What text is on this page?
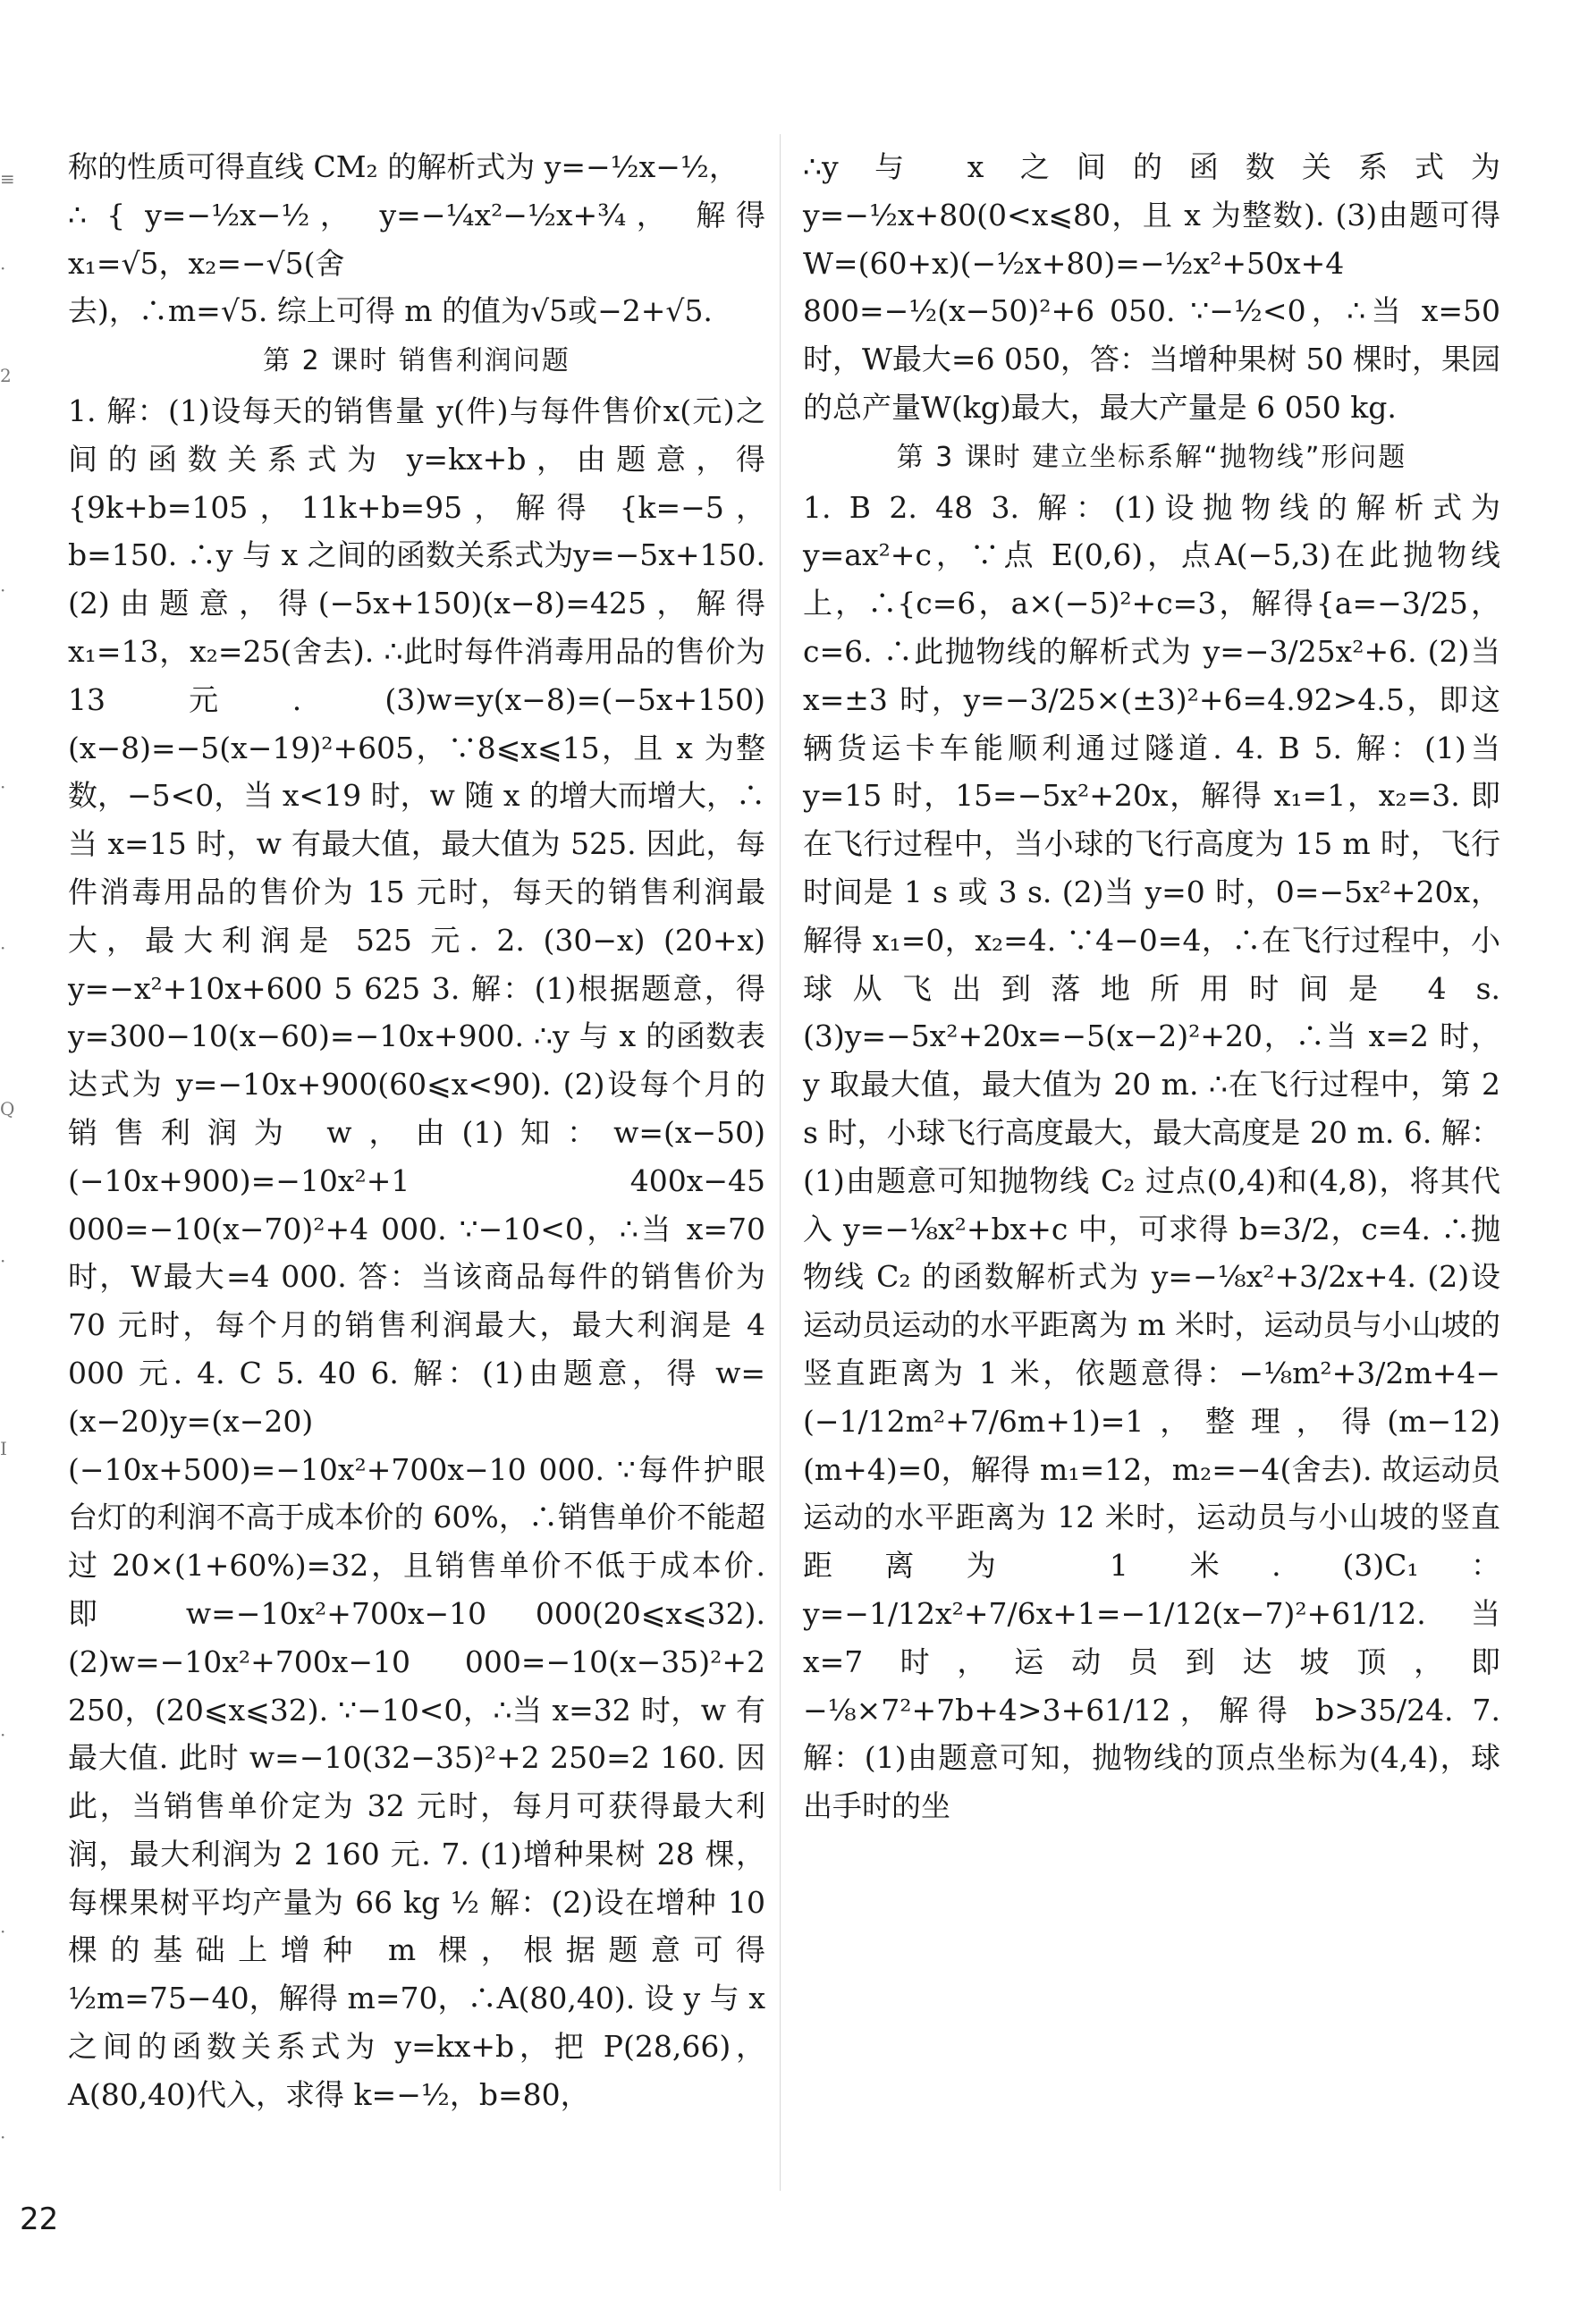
≡
·
2
·
·
·
Q
·
I
·
·
·

称的性质可得直线 CM₂ 的解析式为 y=−½x−½，

∴ { y=−½x−½， y=−¼x²−½x+¾， 解得 x₁=√5，x₂=−√5(舍

去)，∴m=√5. 综上可得 m 的值为√5或−2+√5.

第 2 课时 销售利润问题

1. 解：(1)设每天的销售量 y(件)与每件售价x(元)之间的函数关系式为 y=kx+b，由题意，得 {9k+b=105，11k+b=95，解得 {k=−5，b=150. ∴y 与 x 之间的函数关系式为y=−5x+150. (2)由题意，得(−5x+150)(x−8)=425，解得 x₁=13，x₂=25(舍去). ∴此时每件消毒用品的售价为 13 元. (3)w=y(x−8)=(−5x+150)(x−8)=−5(x−19)²+605，∵8⩽x⩽15，且 x 为整数，−5<0，当 x<19 时，w 随 x 的增大而增大，∴当 x=15 时，w 有最大值，最大值为 525. 因此，每件消毒用品的售价为 15 元时，每天的销售利润最大，最大利润是 525 元. 2. (30−x) (20+x) y=−x²+10x+600 5 625 3. 解：(1)根据题意，得 y=300−10(x−60)=−10x+900. ∴y 与 x 的函数表达式为 y=−10x+900(60⩽x<90). (2)设每个月的销售利润为 w，由(1)知：w=(x−50)(−10x+900)=−10x²+1 400x−45 000=−10(x−70)²+4 000. ∵−10<0，∴当 x=70 时，W最大=4 000. 答：当该商品每件的销售价为 70 元时，每个月的销售利润最大，最大利润是 4 000 元. 4. C 5. 40 6. 解：(1)由题意，得 w=(x−20)y=(x−20)(−10x+500)=−10x²+700x−10 000. ∵每件护眼台灯的利润不高于成本价的 60%，∴销售单价不能超过 20×(1+60%)=32，且销售单价不低于成本价. 即 w=−10x²+700x−10 000(20⩽x⩽32). (2)w=−10x²+700x−10 000=−10(x−35)²+2 250，(20⩽x⩽32). ∵−10<0，∴当 x=32 时，w 有最大值. 此时 w=−10(32−35)²+2 250=2 160. 因此，当销售单价定为 32 元时，每月可获得最大利润，最大利润为 2 160 元. 7. (1)增种果树 28 棵，每棵果树平均产量为 66 kg ½ 解：(2)设在增种 10 棵的基础上增种 m 棵，根据题意可得½m=75−40，解得 m=70，∴A(80,40). 设 y 与 x 之间的函数关系式为 y=kx+b，把 P(28,66)，A(80,40)代入，求得 k=−½，b=80，

∴y 与 x 之间的函数关系式为 y=−½x+80(0<x⩽80，且 x 为整数). (3)由题可得 W=(60+x)(−½x+80)=−½x²+50x+4 800=−½(x−50)²+6 050. ∵−½<0，∴当 x=50 时，W最大=6 050，答：当增种果树 50 棵时，果园的总产量W(kg)最大，最大产量是 6 050 kg.

第 3 课时 建立坐标系解“抛物线”形问题

1. B 2. 48 3. 解：(1)设抛物线的解析式为 y=ax²+c，∵点 E(0,6)，点A(−5,3)在此抛物线上，∴{c=6，a×(−5)²+c=3，解得{a=−3/25，c=6. ∴此抛物线的解析式为 y=−3/25x²+6. (2)当 x=±3 时，y=−3/25×(±3)²+6=4.92>4.5，即这辆货运卡车能顺利通过隧道. 4. B 5. 解：(1)当 y=15 时，15=−5x²+20x，解得 x₁=1，x₂=3. 即在飞行过程中，当小球的飞行高度为 15 m 时，飞行时间是 1 s 或 3 s. (2)当 y=0 时，0=−5x²+20x，解得 x₁=0，x₂=4. ∵4−0=4，∴在飞行过程中，小球从飞出到落地所用时间是 4 s. (3)y=−5x²+20x=−5(x−2)²+20，∴当 x=2 时，y 取最大值，最大值为 20 m. ∴在飞行过程中，第 2 s 时，小球飞行高度最大，最大高度是 20 m. 6. 解：(1)由题意可知抛物线 C₂ 过点(0,4)和(4,8)，将其代入 y=−⅛x²+bx+c 中，可求得 b=3/2，c=4. ∴抛物线 C₂ 的函数解析式为 y=−⅛x²+3/2x+4. (2)设运动员运动的水平距离为 m 米时，运动员与小山坡的竖直距离为 1 米，依题意得：−⅛m²+3/2m+4−(−1/12m²+7/6m+1)=1，整理，得(m−12)(m+4)=0，解得 m₁=12，m₂=−4(舍去). 故运动员运动的水平距离为 12 米时，运动员与小山坡的竖直距离为 1 米. (3)C₁：y=−1/12x²+7/6x+1=−1/12(x−7)²+61/12. 当 x=7 时，运动员到达坡顶，即−⅛×7²+7b+4>3+61/12，解得 b>35/24. 7. 解：(1)由题意可知，抛物线的顶点坐标为(4,4)，球出手时的坐

22
